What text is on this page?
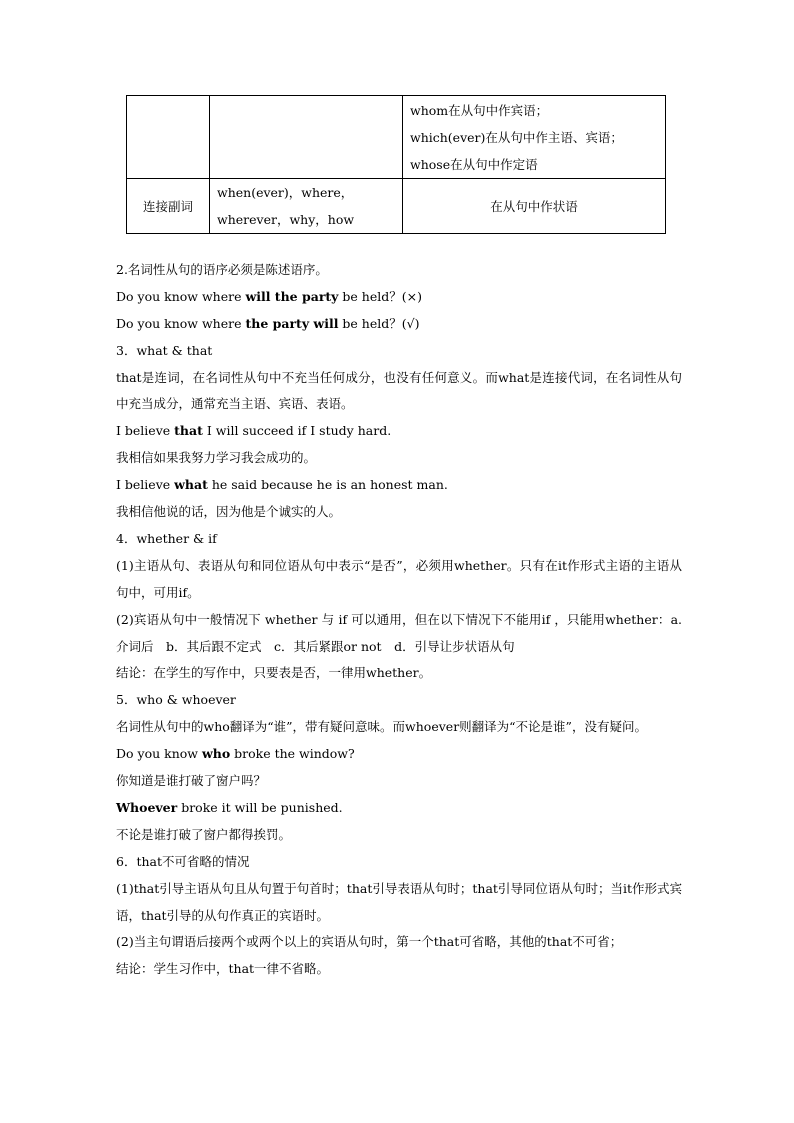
		whom在从句中作宾语；
which(ever)在从句中作主语、宾语；
whose在从句中作定语

连接副词	when(ever)，where，
wherever，why，how	在从句中作状语
2.名词性从句的语序必须是陈述语序。
Do you know where will the party be held？(×)
Do you know where the party will be held？(√)
3．what & that
that是连词，在名词性从句中不充当任何成分，也没有任何意义。而what是连接代词，在名词性从句中充当成分，通常充当主语、宾语、表语。
I believe that I will succeed if I study hard.
我相信如果我努力学习我会成功的。
I believe what he said because he is an honest man.
我相信他说的话，因为他是个诚实的人。
4．whether & if
(1)主语从句、表语从句和同位语从句中表示“是否”，必须用whether。只有在it作形式主语的主语从句中，可用if。
(2)宾语从句中一般情况下 whether 与 if 可以通用，但在以下情况下不能用if ，只能用whether：a.介词后　b．其后跟不定式　c．其后紧跟or not　d．引导让步状语从句
结论：在学生的写作中，只要表是否，一律用whether。
5．who & whoever
名词性从句中的who翻译为“谁”，带有疑问意味。而whoever则翻译为“不论是谁”，没有疑问。
Do you know who broke the window?
你知道是谁打破了窗户吗？
Whoever broke it will be punished.
不论是谁打破了窗户都得挨罚。
6．that不可省略的情况
(1)that引导主语从句且从句置于句首时；that引导表语从句时；that引导同位语从句时；当it作形式宾语，that引导的从句作真正的宾语时。
(2)当主句谓语后接两个或两个以上的宾语从句时，第一个that可省略，其他的that不可省；
结论：学生习作中，that一律不省略。
